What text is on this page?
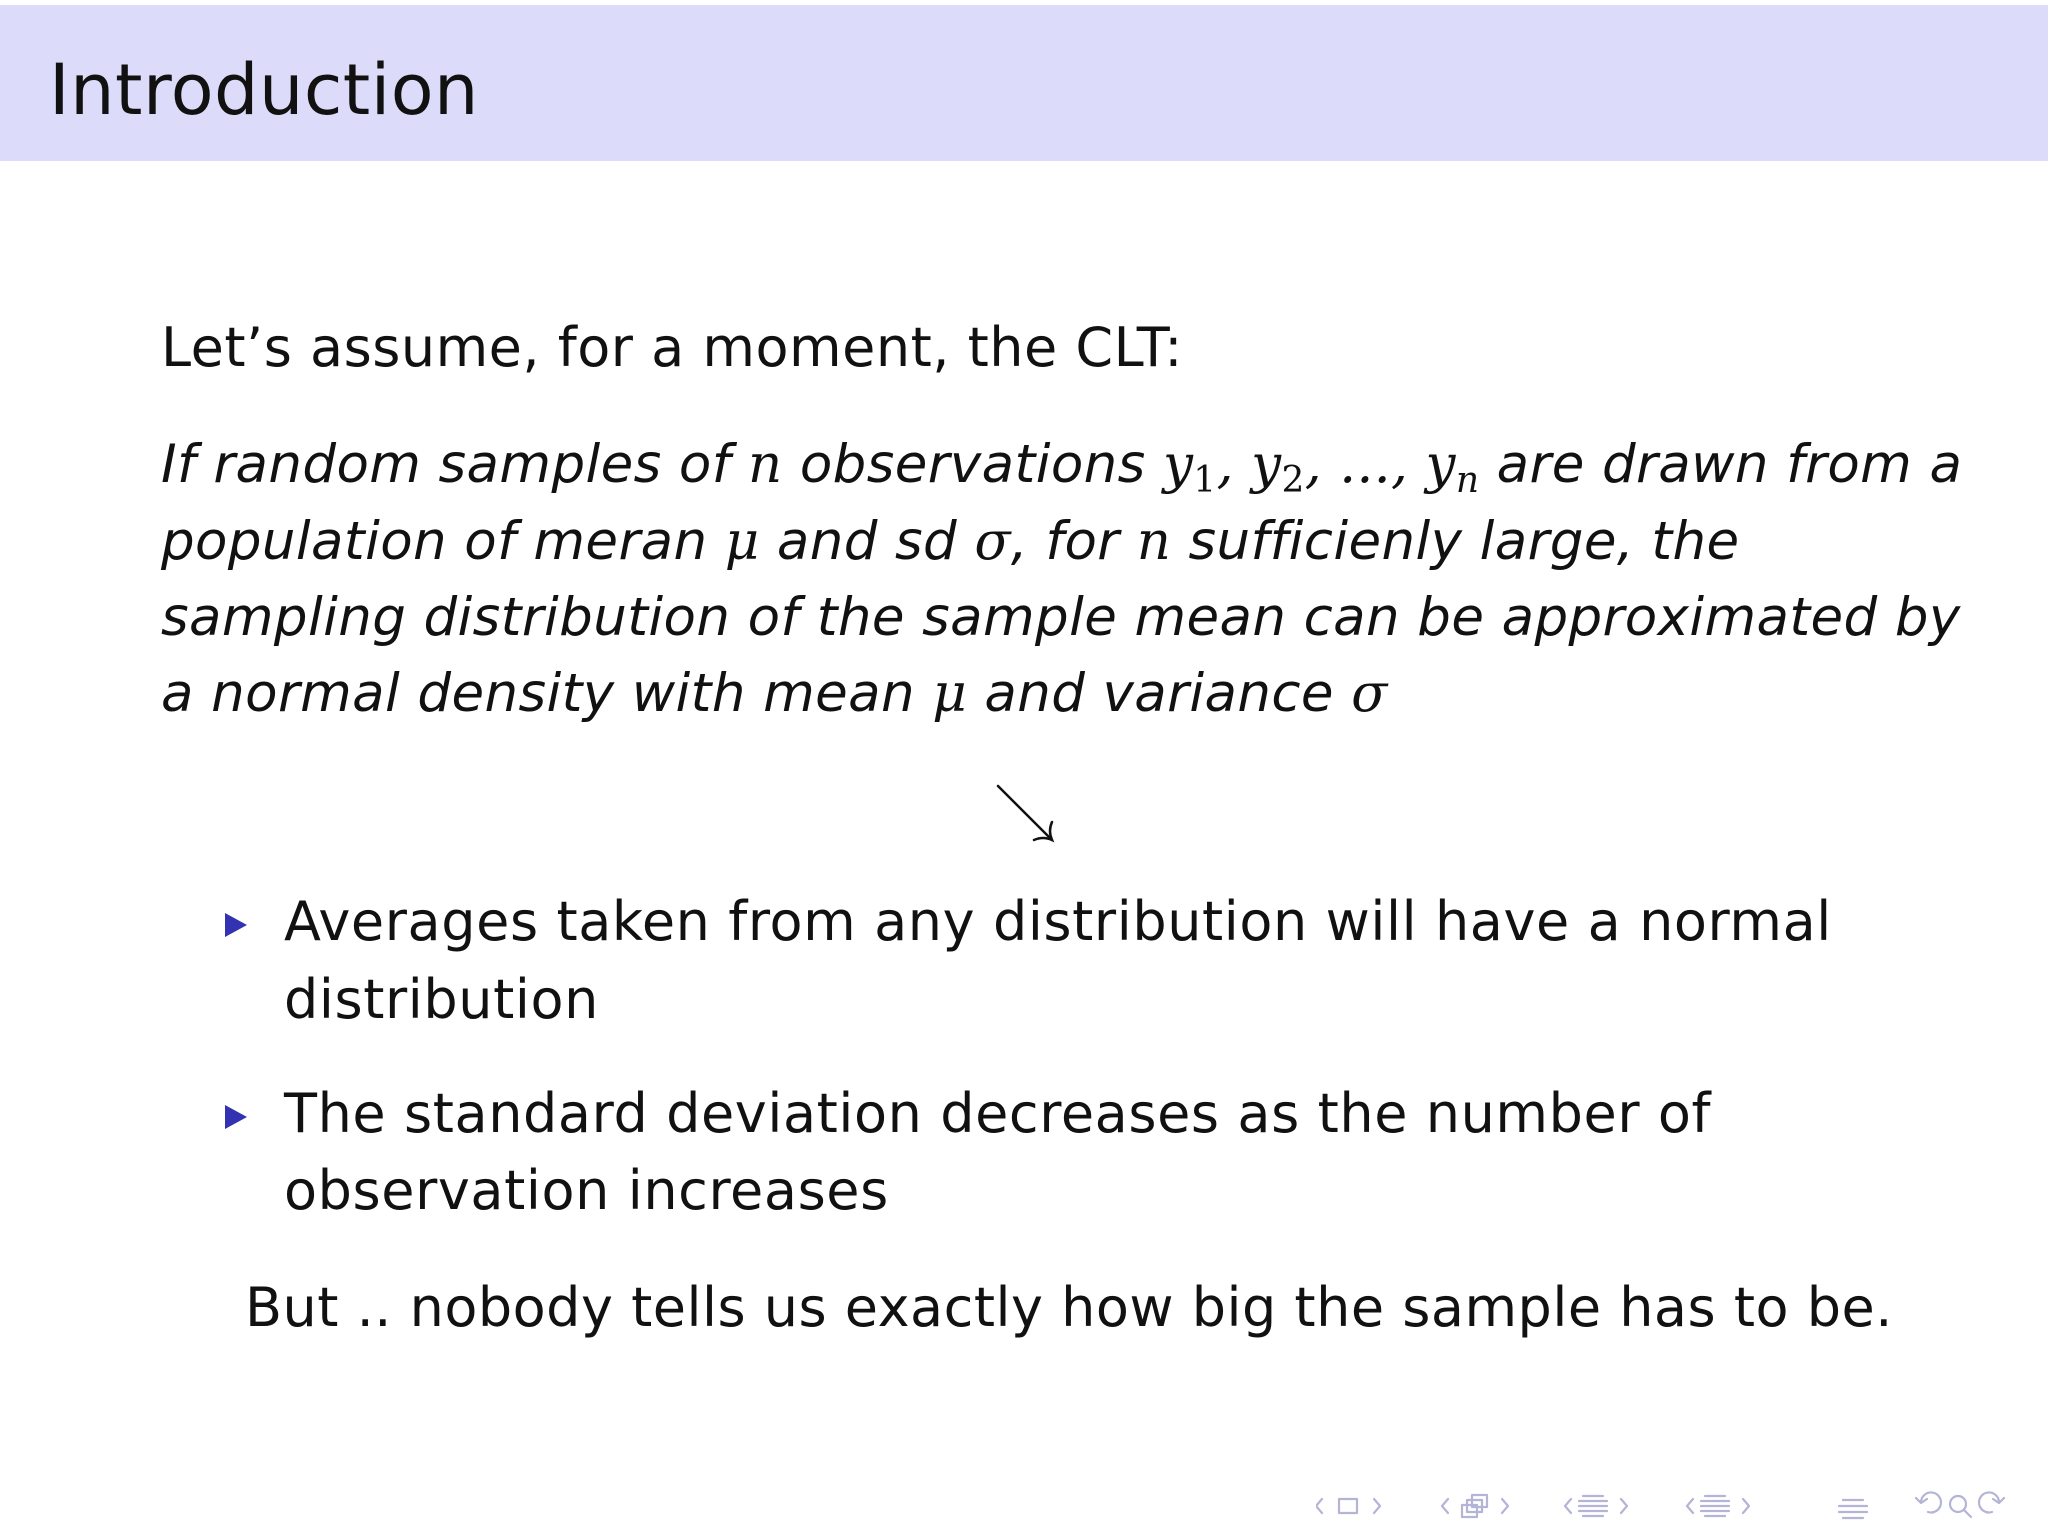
Introduction

Let’s assume, for a moment, the CLT:

If random samples of n observations $y_1$, $y_2$, ..., $y_n$ are drawn from a

population of meran μ and sd σ, for n sufficienly large, the

sampling distribution of the sample mean can be approximated by

a normal density with mean μ and variance σ

Averages taken from any distribution will have a normal

distribution

The standard deviation decreases as the number of

observation increases

But .. nobody tells us exactly how big the sample has to be.
